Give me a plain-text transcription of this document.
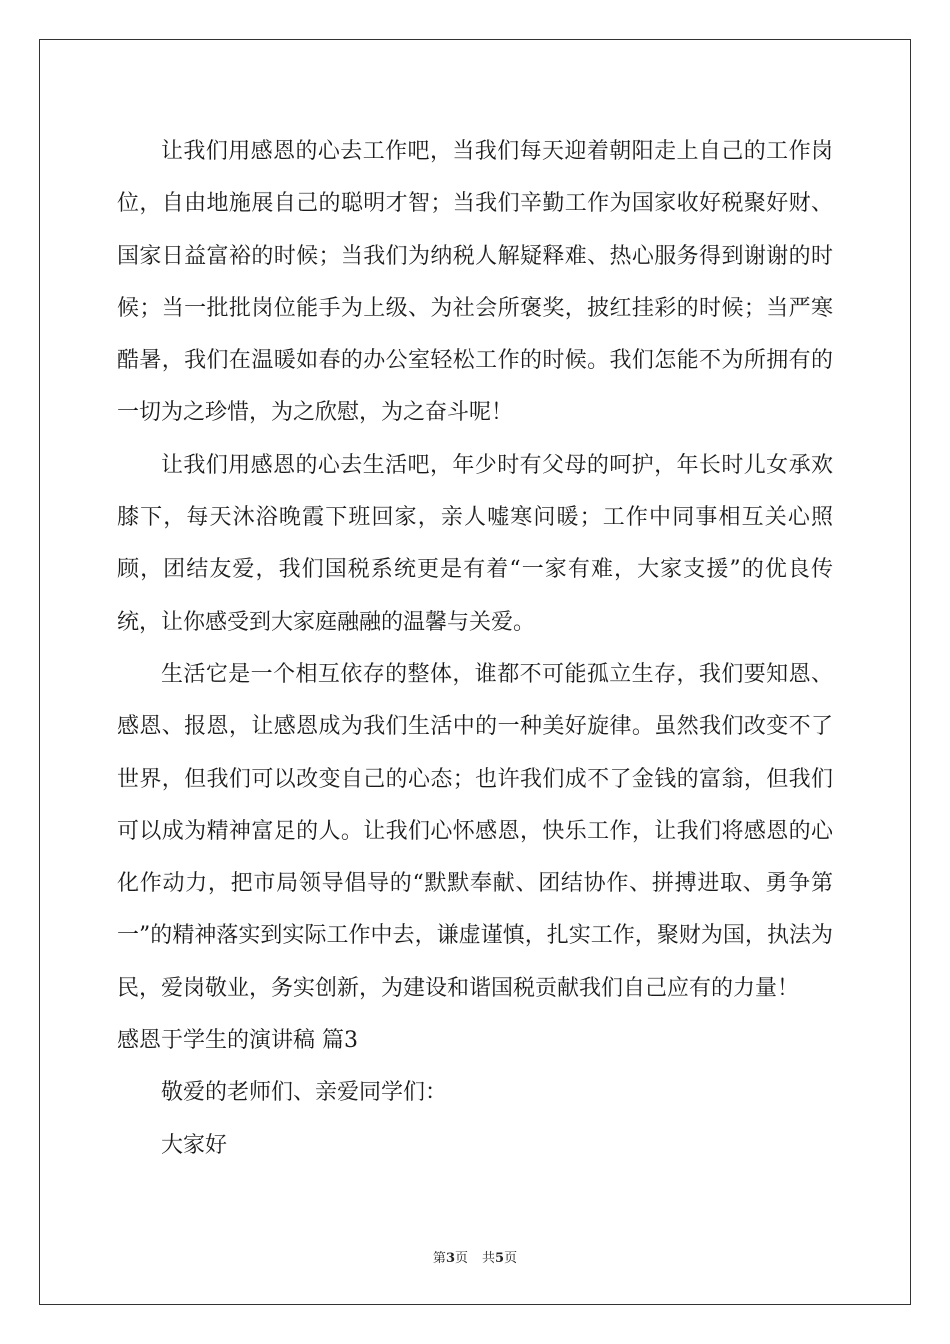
让我们用感恩的心去工作吧，当我们每天迎着朝阳走上自己的工作岗位，自由地施展自己的聪明才智；当我们辛勤工作为国家收好税聚好财、国家日益富裕的时候；当我们为纳税人解疑释难、热心服务得到谢谢的时候；当一批批岗位能手为上级、为社会所褒奖，披红挂彩的时候；当严寒酷暑，我们在温暖如春的办公室轻松工作的时候。我们怎能不为所拥有的一切为之珍惜，为之欣慰，为之奋斗呢！

让我们用感恩的心去生活吧，年少时有父母的呵护，年长时儿女承欢膝下，每天沐浴晚霞下班回家，亲人嘘寒问暖；工作中同事相互关心照顾，团结友爱，我们国税系统更是有着“一家有难，大家支援”的优良传统，让你感受到大家庭融融的温馨与关爱。

生活它是一个相互依存的整体，谁都不可能孤立生存，我们要知恩、感恩、报恩，让感恩成为我们生活中的一种美好旋律。虽然我们改变不了世界，但我们可以改变自己的心态；也许我们成不了金钱的富翁，但我们可以成为精神富足的人。让我们心怀感恩，快乐工作，让我们将感恩的心化作动力，把市局领导倡导的“默默奉献、团结协作、拼搏进取、勇争第一”的精神落实到实际工作中去，谦虚谨慎，扎实工作，聚财为国，执法为民，爱岗敬业，务实创新，为建设和谐国税贡献我们自己应有的力量！

感恩于学生的演讲稿 篇3

敬爱的老师们、亲爱同学们：

大家好

第3页 共5页
